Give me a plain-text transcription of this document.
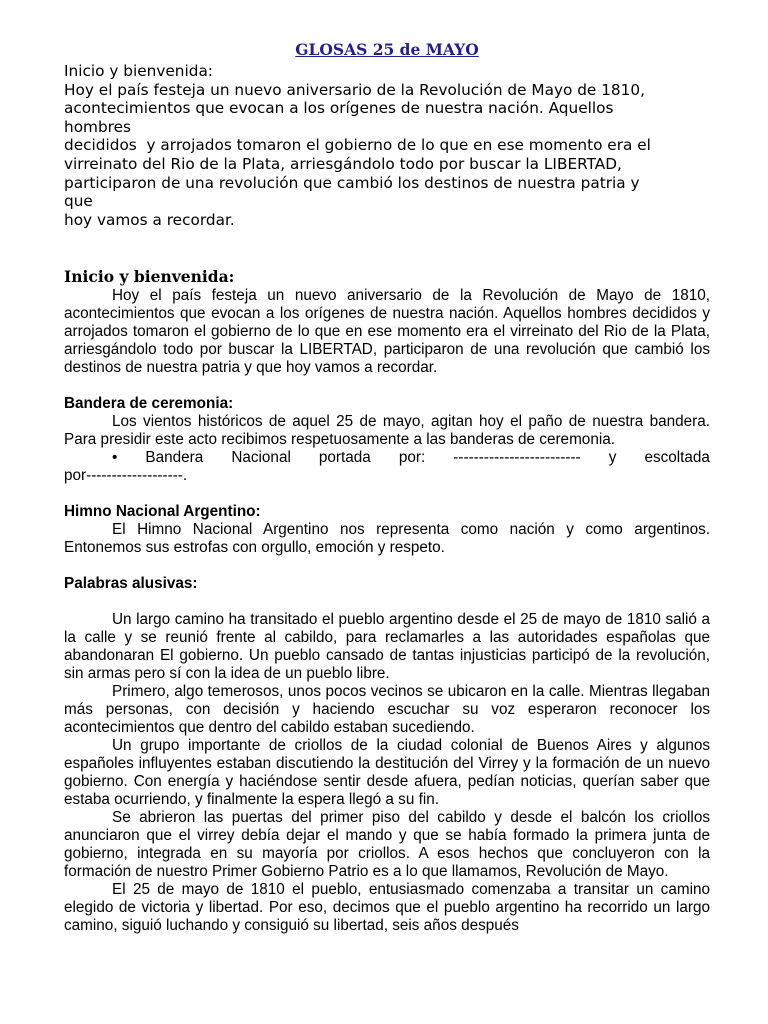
GLOSAS 25 de MAYO

Inicio y bienvenida:

Hoy el país festeja un nuevo aniversario de la Revolución de Mayo de 1810,

acontecimientos que evocan a los orígenes de nuestra nación. Aquellos

hombres

decididos  y arrojados tomaron el gobierno de lo que en ese momento era el

virreinato del Rio de la Plata, arriesgándolo todo por buscar la LIBERTAD,

participaron de una revolución que cambió los destinos de nuestra patria y

que

hoy vamos a recordar.

Inicio y bienvenida:

Hoy el país festeja un nuevo aniversario de la Revolución de Mayo de 1810, acontecimientos que evocan a los orígenes de nuestra nación. Aquellos hombres decididos y arrojados tomaron el gobierno de lo que en ese momento era el virreinato del Rio de la Plata, arriesgándolo todo por buscar la LIBERTAD, participaron de una revolución que cambió los destinos de nuestra patria y que hoy vamos a recordar.

Bandera de ceremonia:

Los vientos históricos de aquel 25 de mayo, agitan hoy el paño de nuestra bandera. Para presidir este acto recibimos respetuosamente a las banderas de ceremonia.

• Bandera Nacional portada por: ------------------------- y escoltada
por-------------------.
Himno Nacional Argentino:

El Himno Nacional Argentino nos representa como nación y como argentinos. Entonemos sus estrofas con orgullo, emoción y respeto.

Palabras alusivas:

Un largo camino ha transitado el pueblo argentino desde el 25 de mayo de 1810 salió a la calle y se reunió frente al cabildo, para reclamarles a las autoridades españolas que abandonaran El gobierno. Un pueblo cansado de tantas injusticias participó de la revolución, sin armas pero sí con la idea de un pueblo libre.

Primero, algo temerosos, unos pocos vecinos se ubicaron en la calle. Mientras llegaban más personas, con decisión y haciendo escuchar su voz esperaron reconocer los acontecimientos que dentro del cabildo estaban sucediendo.

Un grupo importante de criollos de la ciudad colonial de Buenos Aires y algunos españoles influyentes estaban discutiendo la destitución del Virrey y la formación de un nuevo gobierno. Con energía y haciéndose sentir desde afuera, pedían noticias, querían saber que estaba ocurriendo, y finalmente la espera llegó a su fin.

Se abrieron las puertas del primer piso del cabildo y desde el balcón los criollos anunciaron que el virrey debía dejar el mando y que se había formado la primera junta de gobierno, integrada en su mayoría por criollos. A esos hechos que concluyeron con la formación de nuestro Primer Gobierno Patrio es a lo que llamamos, Revolución de Mayo.

El 25 de mayo de 1810 el pueblo, entusiasmado comenzaba a transitar un camino elegido de victoria y libertad. Por eso, decimos que el pueblo argentino ha recorrido un largo camino, siguió luchando y consiguió su libertad, seis años después
